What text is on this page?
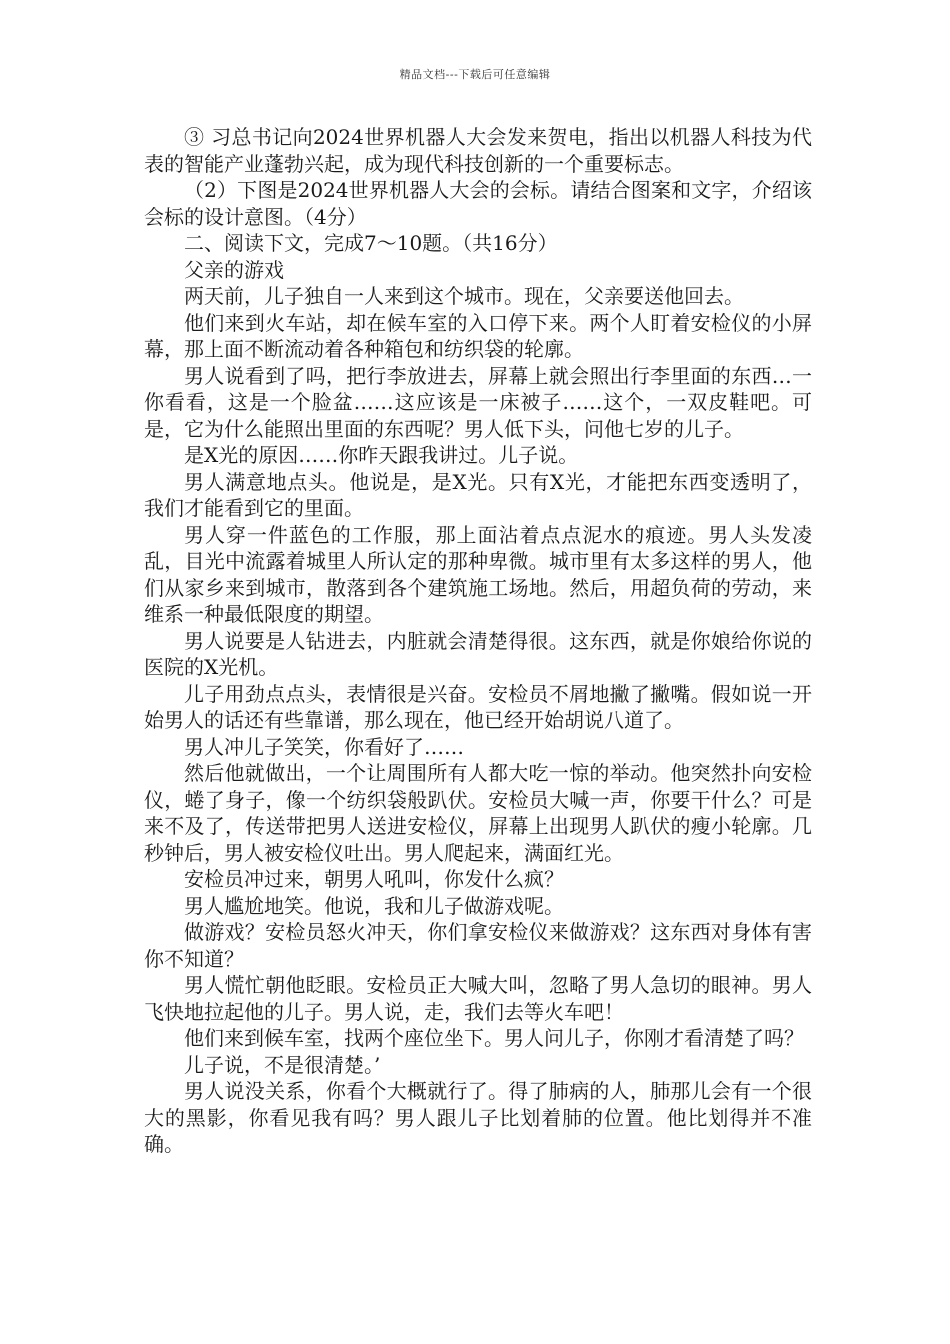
精品文档---下载后可任意编辑

③ 习总书记向2024世界机器人大会发来贺电，指出以机器人科技为代表的智能产业蓬勃兴起，成为现代科技创新的一个重要标志。

（2）下图是2024世界机器人大会的会标。请结合图案和文字，介绍该会标的设计意图。（4分）

二、阅读下文，完成7～10题。（共16分）

父亲的游戏

两天前，儿子独自一人来到这个城市。现在，父亲要送他回去。

他们来到火车站，却在候车室的入口停下来。两个人盯着安检仪的小屏幕，那上面不断流动着各种箱包和纺织袋的轮廓。

男人说看到了吗，把行李放进去，屏幕上就会照出行李里面的东西…一你看看，这是一个脸盆……这应该是一床被子……这个，一双皮鞋吧。可是，它为什么能照出里面的东西呢？男人低下头，问他七岁的儿子。

是X光的原因……你昨天跟我讲过。儿子说。

男人满意地点头。他说是，是X光。只有X光，才能把东西变透明了，我们才能看到它的里面。

男人穿一件蓝色的工作服，那上面沾着点点泥水的痕迹。男人头发凌乱，目光中流露着城里人所认定的那种卑微。城市里有太多这样的男人，他们从家乡来到城市，散落到各个建筑施工场地。然后，用超负荷的劳动，来维系一种最低限度的期望。

男人说要是人钻进去，内脏就会清楚得很。这东西，就是你娘给你说的医院的X光机。

儿子用劲点点头，表情很是兴奋。安检员不屑地撇了撇嘴。假如说一开始男人的话还有些靠谱，那么现在，他已经开始胡说八道了。

男人冲儿子笑笑，你看好了……

然后他就做出，一个让周围所有人都大吃一惊的举动。他突然扑向安检仪，蜷了身子，像一个纺织袋般趴伏。安检员大喊一声，你要干什么？可是来不及了，传送带把男人送进安检仪，屏幕上出现男人趴伏的瘦小轮廓。几秒钟后，男人被安检仪吐出。男人爬起来，满面红光。

安检员冲过来，朝男人吼叫，你发什么疯？

男人尴尬地笑。他说，我和儿子做游戏呢。

做游戏？安检员怒火冲天，你们拿安检仪来做游戏？这东西对身体有害你不知道？

男人慌忙朝他眨眼。安检员正大喊大叫，忽略了男人急切的眼神。男人飞快地拉起他的儿子。男人说，走，我们去等火车吧！

他们来到候车室，找两个座位坐下。男人问儿子，你刚才看清楚了吗？

儿子说，不是很清楚。’

男人说没关系，你看个大概就行了。得了肺病的人，肺那儿会有一个很大的黑影，你看见我有吗？男人跟儿子比划着肺的位置。他比划得并不准确。
